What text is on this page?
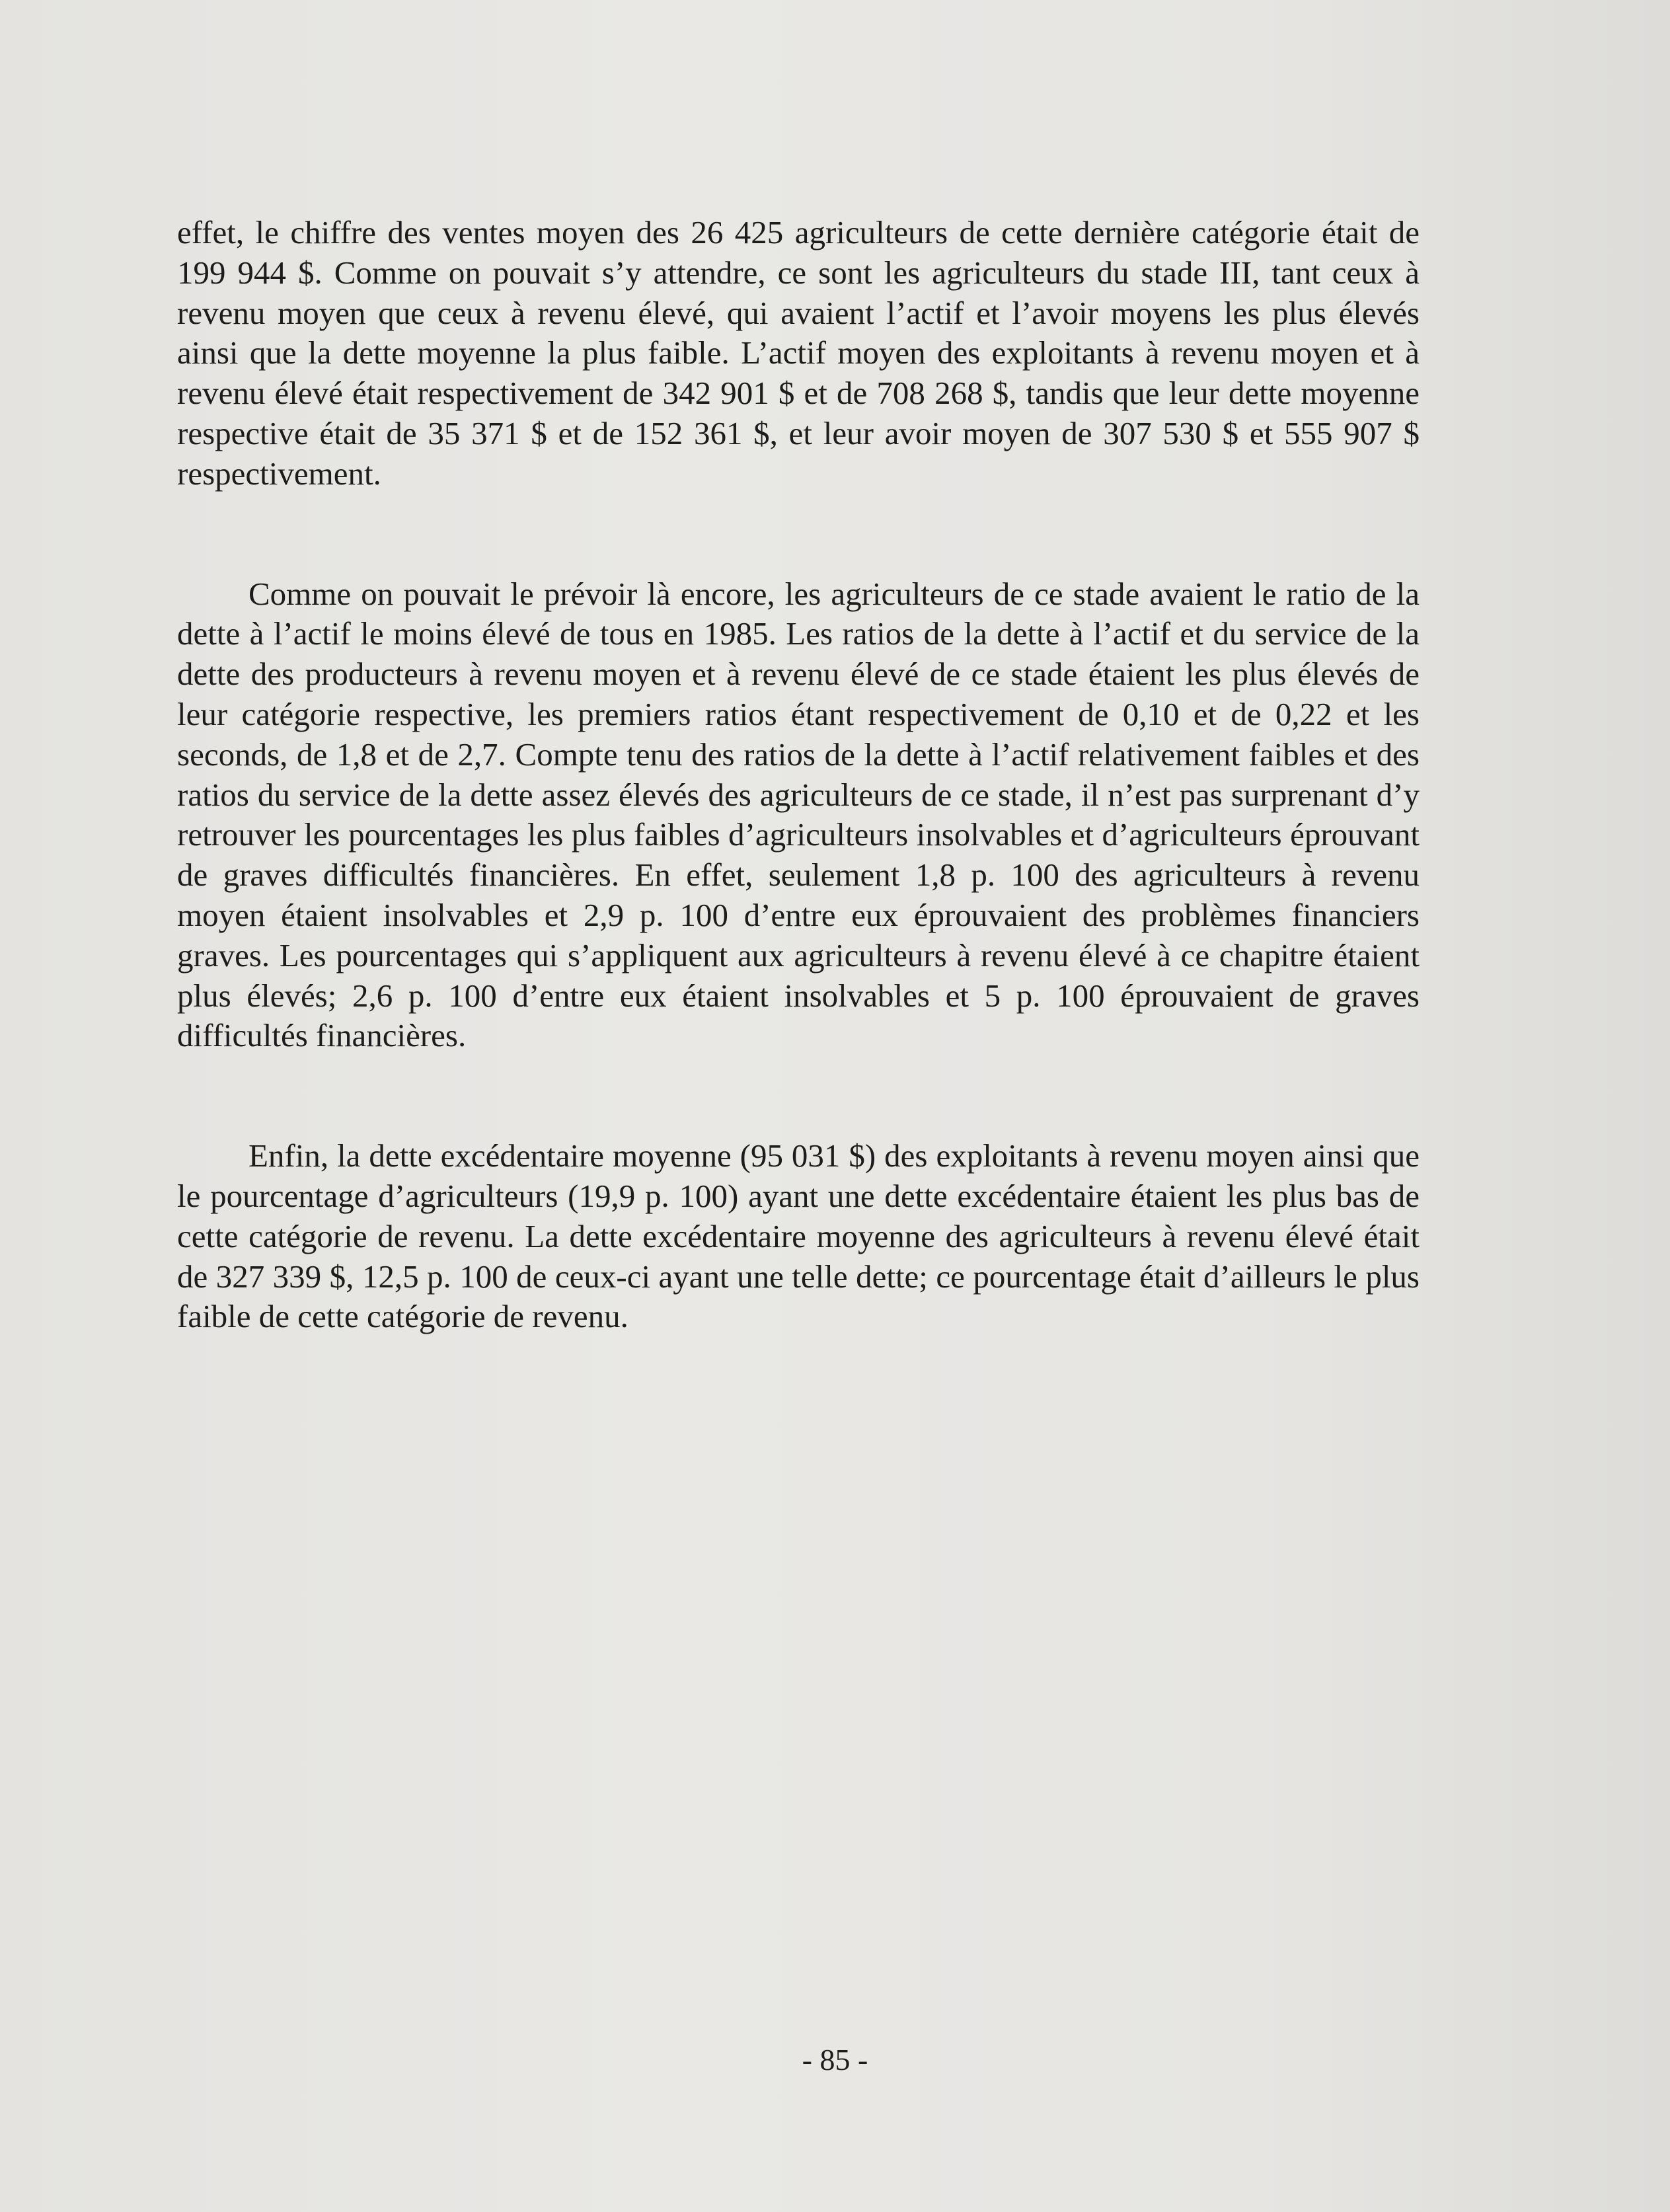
effet, le chiffre des ventes moyen des 26 425 agriculteurs de cette dernière catégorie était de 199 944 $. Comme on pouvait s’y attendre, ce sont les agriculteurs du stade III, tant ceux à revenu moyen que ceux à revenu élevé, qui avaient l’actif et l’avoir moyens les plus élevés ainsi que la dette moyenne la plus faible. L’actif moyen des exploitants à revenu moyen et à revenu élevé était respectivement de 342 901 $ et de 708 268 $, tandis que leur dette moyenne respective était de 35 371 $ et de 152 361 $, et leur avoir moyen de 307 530 $ et 555 907 $ respectivement.

Comme on pouvait le prévoir là encore, les agriculteurs de ce stade avaient le ratio de la dette à l’actif le moins élevé de tous en 1985. Les ratios de la dette à l’actif et du service de la dette des producteurs à revenu moyen et à revenu élevé de ce stade étaient les plus élevés de leur catégorie respective, les premiers ratios étant respectivement de 0,10 et de 0,22 et les seconds, de 1,8 et de 2,7. Compte tenu des ratios de la dette à l’actif relativement faibles et des ratios du service de la dette assez élevés des agriculteurs de ce stade, il n’est pas surprenant d’y retrouver les pourcentages les plus faibles d’agriculteurs insolvables et d’agriculteurs éprouvant de graves difficultés financières. En effet, seulement 1,8 p. 100 des agriculteurs à revenu moyen étaient insolvables et 2,9 p. 100 d’entre eux éprouvaient des problèmes financiers graves. Les pourcentages qui s’appliquent aux agriculteurs à revenu élevé à ce chapitre étaient plus élevés; 2,6 p. 100 d’entre eux étaient insolvables et 5 p. 100 éprouvaient de graves difficultés financières.

Enfin, la dette excédentaire moyenne (95 031 $) des exploitants à revenu moyen ainsi que le pourcentage d’agriculteurs (19,9 p. 100) ayant une dette excédentaire étaient les plus bas de cette catégorie de revenu. La dette excédentaire moyenne des agriculteurs à revenu élevé était de 327 339 $, 12,5 p. 100 de ceux-ci ayant une telle dette; ce pourcentage était d’ailleurs le plus faible de cette catégorie de revenu.

- 85 -
